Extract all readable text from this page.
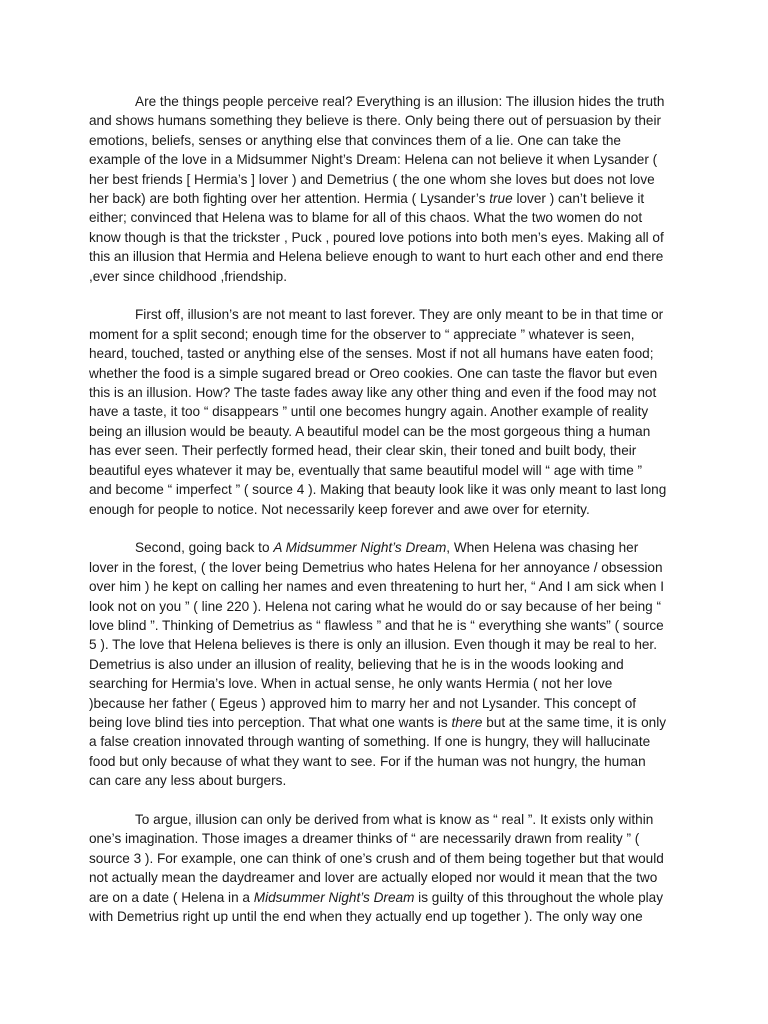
Are the things people perceive real? Everything is an illusion: The illusion hides the truth
and shows humans something they believe is there. Only being there out of persuasion by their
emotions, beliefs, senses or anything else that convinces them of a lie. One can take the
example of the love in a Midsummer Night’s Dream: Helena can not believe it when Lysander (
her best friends [ Hermia’s ] lover ) and Demetrius ( the one whom she loves but does not love
her back) are both fighting over her attention. Hermia ( Lysander’s true lover ) can’t believe it
either; convinced that Helena was to blame for all of this chaos. What the two women do not
know though is that the trickster , Puck , poured love potions into both men’s eyes. Making all of
this an illusion that Hermia and Helena believe enough to want to hurt each other and end there
,ever since childhood ,friendship.
First off, illusion’s are not meant to last forever. They are only meant to be in that time or
moment for a split second; enough time for the observer to “ appreciate ” whatever is seen,
heard, touched, tasted or anything else of the senses. Most if not all humans have eaten food;
whether the food is a simple sugared bread or Oreo cookies. One can taste the flavor but even
this is an illusion. How? The taste fades away like any other thing and even if the food may not
have a taste, it too “ disappears ” until one becomes hungry again. Another example of reality
being an illusion would be beauty. A beautiful model can be the most gorgeous thing a human
has ever seen. Their perfectly formed head, their clear skin, their toned and built body, their
beautiful eyes whatever it may be, eventually that same beautiful model will “ age with time ”
and become “ imperfect ” ( source 4 ). Making that beauty look like it was only meant to last long
enough for people to notice. Not necessarily keep forever and awe over for eternity.
Second, going back to A Midsummer Night’s Dream, When Helena was chasing her
lover in the forest, ( the lover being Demetrius who hates Helena for her annoyance / obsession
over him ) he kept on calling her names and even threatening to hurt her, “ And I am sick when I
look not on you ” ( line 220 ). Helena not caring what he would do or say because of her being “
love blind ”. Thinking of Demetrius as “ flawless ” and that he is “ everything she wants” ( source
5 ). The love that Helena believes is there is only an illusion. Even though it may be real to her.
Demetrius is also under an illusion of reality, believing that he is in the woods looking and
searching for Hermia’s love. When in actual sense, he only wants Hermia ( not her love
)because her father ( Egeus ) approved him to marry her and not Lysander. This concept of
being love blind ties into perception. That what one wants is there but at the same time, it is only
a false creation innovated through wanting of something. If one is hungry, they will hallucinate
food but only because of what they want to see. For if the human was not hungry, the human
can care any less about burgers.
To argue, illusion can only be derived from what is know as “ real ”. It exists only within
one’s imagination. Those images a dreamer thinks of “ are necessarily drawn from reality ” (
source 3 ). For example, one can think of one’s crush and of them being together but that would
not actually mean the daydreamer and lover are actually eloped nor would it mean that the two
are on a date ( Helena in a Midsummer Night’s Dream is guilty of this throughout the whole play
with Demetrius right up until the end when they actually end up together ). The only way one
